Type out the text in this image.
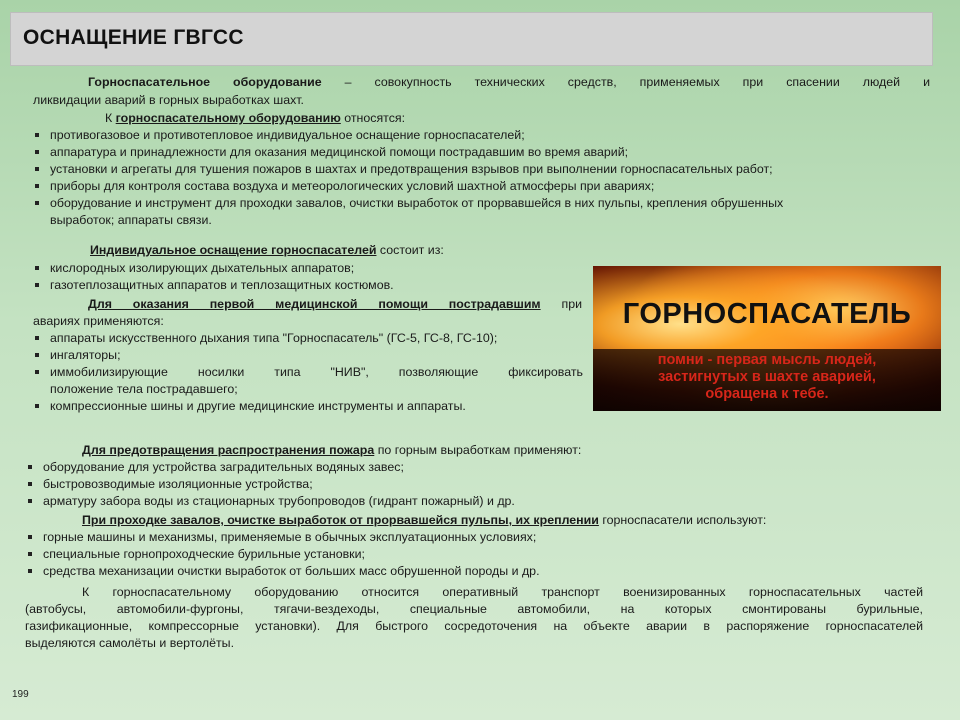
ОСНАЩЕНИЕ ГВГСС

Горноспасательное оборудование – совокупность технических средств, применяемых при спасении людей и

ликвидации аварий в горных выработках шахт.

К горноспасательному оборудованию относятся:

противогазовое и противотепловое индивидуальное оснащение горноспасателей;
аппаратура и принадлежности для оказания медицинской помощи пострадавшим во время аварий;
установки и агрегаты для тушения пожаров в шахтах и предотвращения взрывов при выполнении горноспасательных работ;
приборы для контроля состава воздуха и метеорологических условий шахтной атмосферы при авариях;
оборудование и инструмент для проходки завалов, очистки выработок от прорвавшейся в них пульпы, крепления обрушенных
выработок; аппараты связи.

Индивидуальное оснащение горноспасателей состоит из:

кислородных изолирующих дыхательных аппаратов;
газотеплозащитных аппаратов и теплозащитных костюмов.

Для оказания первой медицинской помощи пострадавшим при

авариях применяются:

аппараты искусственного дыхания типа "Горноспасатель" (ГС-5, ГС-8, ГС-10);
ингаляторы;
иммобилизирующие носилки типа "НИВ", позволяющие фиксировать
положение тела пострадавшего;
компрессионные шины и другие медицинские инструменты и аппараты.
ГОРНОСПАСАТЕЛЬ
помни - первая мысль людей,
застигнутых в шахте аварией,
обращена к тебе.

Для предотвращения распространения пожара по горным выработкам применяют:

оборудование для устройства заградительных водяных завес;
быстровозводимые изоляционные устройства;
арматуру забора воды из стационарных трубопроводов (гидрант пожарный) и др.

При проходке завалов, очистке выработок от прорвавшейся пульпы, их креплении горноспасатели используют:

горные машины и механизмы, применяемые в обычных эксплуатационных условиях;
специальные горнопроходческие бурильные установки;
средства механизации очистки выработок от больших масс обрушенной породы и др.

К горноспасательному оборудованию относится оперативный транспорт военизированных горноспасательных частей

(автобусы, автомобили-фургоны, тягачи-вездеходы, специальные автомобили, на которых смонтированы бурильные,

газификационные, компрессорные установки). Для быстрого сосредоточения на объекте аварии в распоряжение горноспасателей

выделяются самолёты и вертолёты.

199
